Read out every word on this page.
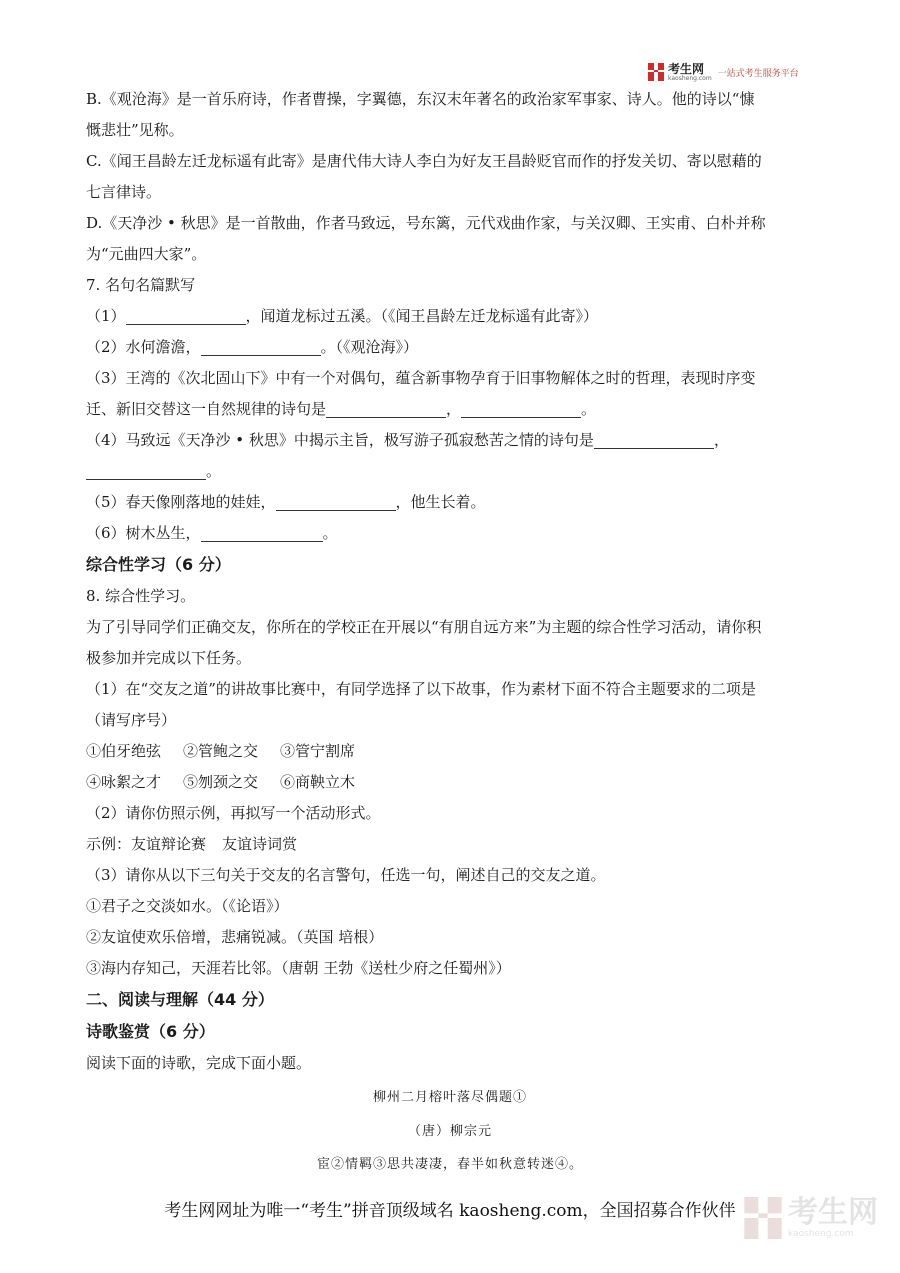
考生网
kaosheng.com 一站式考生服务平台
B.《观沧海》是一首乐府诗，作者曹操，字翼德，东汉末年著名的政治家军事家、诗人。他的诗以“慷
慨悲壮”见称。
C.《闻王昌龄左迁龙标遥有此寄》是唐代伟大诗人李白为好友王昌龄贬官而作的抒发关切、寄以慰藉的
七言律诗。
D.《天净沙 • 秋思》是一首散曲，作者马致远，号东篱，元代戏曲作家，与关汉卿、王实甫、白朴并称
为“元曲四大家”。
7. 名句名篇默写
（1）	，闻道龙标过五溪。（《闻王昌龄左迁龙标遥有此寄》）
（2）水何澹澹，	。（《观沧海》）
（3）王湾的《次北固山下》中有一个对偶句，蕴含新事物孕育于旧事物解体之时的哲理，表现时序变
迁、新旧交替这一自然规律的诗句是	，	。
（4）马致远《天净沙 • 秋思》中揭示主旨，极写游子孤寂愁苦之情的诗句是	，
。
（5）春天像刚落地的娃娃，	，他生长着。
（6）树木丛生，	。
综合性学习（6 分）
8. 综合性学习。
为了引导同学们正确交友，你所在的学校正在开展以“有朋自远方来”为主题的综合性学习活动，请你积
极参加并完成以下任务。
（1）在“交友之道”的讲故事比赛中，有同学选择了以下故事，作为素材下面不符合主题要求的二项是
（请写序号）
①伯牙绝弦 ②管鲍之交 ③管宁割席
④咏絮之才 ⑤刎颈之交 ⑥商鞅立木
（2）请你仿照示例，再拟写一个活动形式。
示例：友谊辩论赛 友谊诗词赏
（3）请你从以下三句关于交友的名言警句，任选一句，阐述自己的交友之道。
①君子之交淡如水。（《论语》）
②友谊使欢乐倍增，悲痛锐减。（英国 培根）
③海内存知己，天涯若比邻。（唐朝 王勃《送杜少府之任蜀州》）
二、阅读与理解（44 分）
诗歌鉴赏（6 分）
阅读下面的诗歌，完成下面小题。
柳州二月榕叶落尽偶题①
（唐）柳宗元
宦②情羁③思共凄凄，春半如秋意转迷④。
考生网网址为唯一“考生”拼音顶级域名 kaosheng.com，全国招募合作伙伴	考生网
kaosheng.com
